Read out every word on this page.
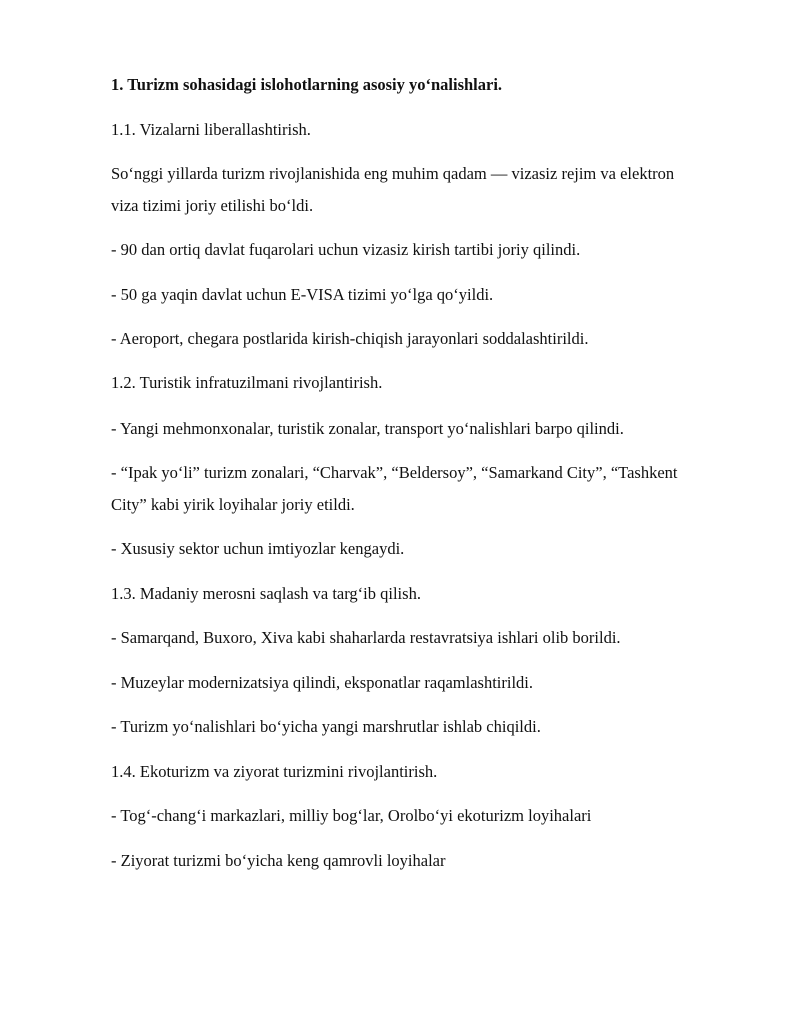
1. Turizm sohasidagi islohotlarning asosiy yoʻnalishlari.
1.1. Vizalarni liberallashtirish.
Soʻnggi yillarda turizm rivojlanishida eng muhim qadam — vizasiz rejim va elektron
viza tizimi joriy etilishi boʻldi.
- 90 dan ortiq davlat fuqarolari uchun vizasiz kirish tartibi joriy qilindi.
- 50 ga yaqin davlat uchun E-VISA tizimi yoʻlga qoʻyildi.
- Aeroport, chegara postlarida kirish-chiqish jarayonlari soddalashtirildi.
1.2. Turistik infratuzilmani rivojlantirish.
- Yangi mehmonxonalar, turistik zonalar, transport yoʻnalishlari barpo qilindi.
- “Ipak yoʻli” turizm zonalari, “Charvak”, “Beldersoy”, “Samarkand City”, “Tashkent
City” kabi yirik loyihalar joriy etildi.
- Xususiy sektor uchun imtiyozlar kengaydi.
1.3. Madaniy merosni saqlash va targʻib qilish.
- Samarqand, Buxoro, Xiva kabi shaharlarda restavratsiya ishlari olib borildi.
- Muzeylar modernizatsiya qilindi, eksponatlar raqamlashtirildi.
- Turizm yoʻnalishlari boʻyicha yangi marshrutlar ishlab chiqildi.
1.4. Ekoturizm va ziyorat turizmini rivojlantirish.
- Togʻ-changʻi markazlari, milliy bogʻlar, Orolboʻyi ekoturizm loyihalari
- Ziyorat turizmi boʻyicha keng qamrovli loyihalar
